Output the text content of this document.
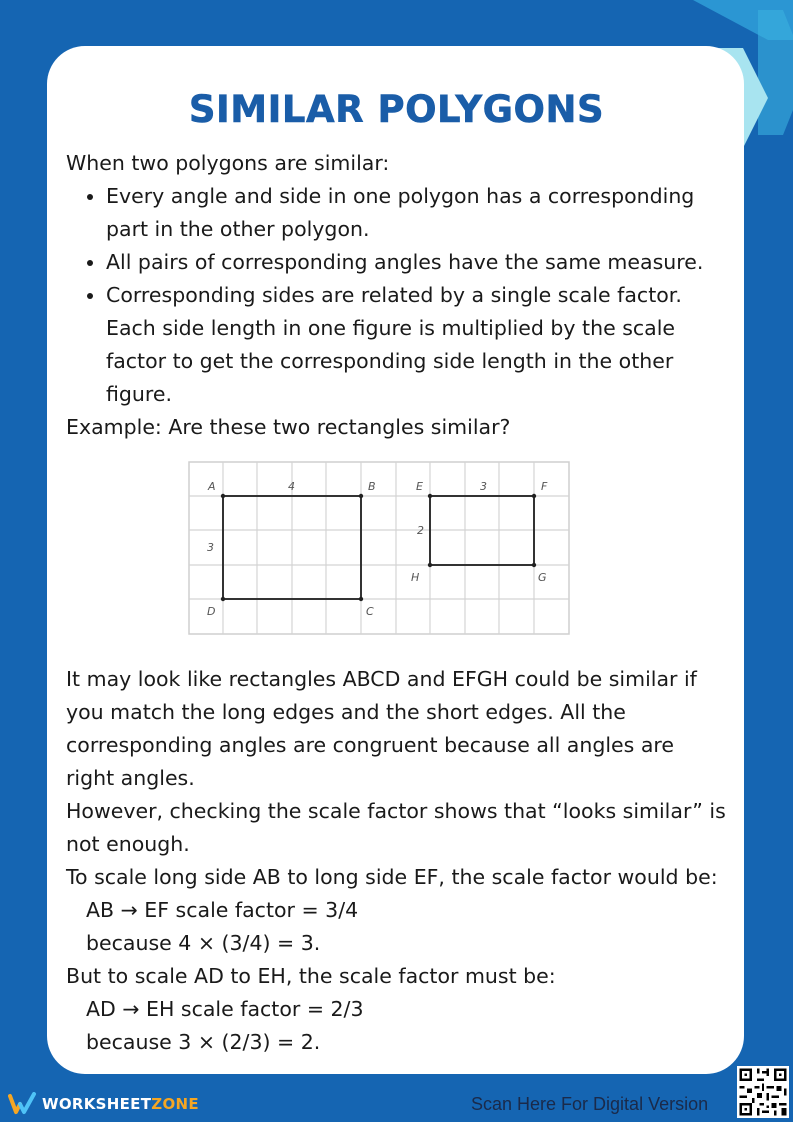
SIMILAR POLYGONS

When two polygons are similar:

• Every angle and side in one polygon has a corresponding part in the other polygon.
• All pairs of corresponding angles have the same measure.
• Corresponding sides are related by a single scale factor. Each side length in one figure is multiplied by the scale factor to get the corresponding side length in the other figure.

Example: Are these two rectangles similar?

A	B
C
D
4
3
E	F
G
H
3
2

It may look like rectangles ABCD and EFGH could be similar if you match the long edges and the short edges. All the corresponding angles are congruent because all angles are right angles.

However, checking the scale factor shows that “looks similar” is not enough.

To scale long side AB to long side EF, the scale factor would be:

AB → EF scale factor = 3/4

because 4 × (3/4) = 3.

But to scale AD to EH, the scale factor must be:

AD → EH scale factor = 2/3

because 3 × (2/3) = 2.

WORKSHEETZONE	Scan Here For Digital Version
